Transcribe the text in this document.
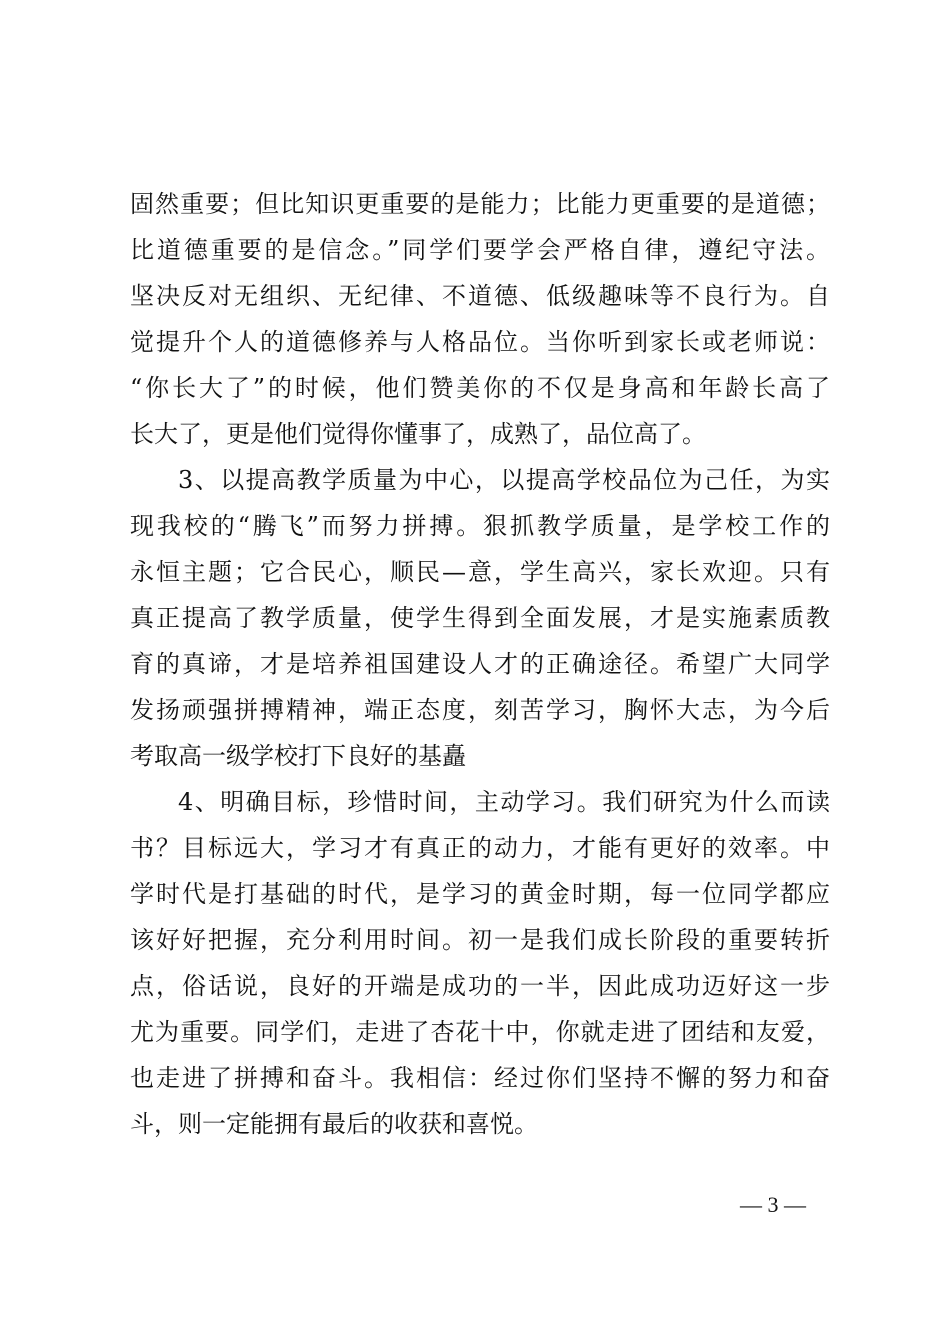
固然重要；但比知识更重要的是能力；比能力更重要的是道德；
比道德重要的是信念。”同学们要学会严格自律，遵纪守法。
坚决反对无组织、无纪律、不道德、低级趣味等不良行为。自
觉提升个人的道德修养与人格品位。当你听到家长或老师说：
“你长大了”的时候，他们赞美你的不仅是身高和年龄长高了
长大了，更是他们觉得你懂事了，成熟了，品位高了。
3、以提高教学质量为中心，以提高学校品位为己任，为实
现我校的“腾飞”而努力拼搏。狠抓教学质量，是学校工作的
永恒主题；它合民心，顺民—意，学生高兴，家长欢迎。只有
真正提高了教学质量，使学生得到全面发展，才是实施素质教
育的真谛，才是培养祖国建设人才的正确途径。希望广大同学
发扬顽强拼搏精神，端正态度，刻苦学习，胸怀大志，为今后
考取高一级学校打下良好的基矗
4、明确目标，珍惜时间，主动学习。我们研究为什么而读
书？目标远大，学习才有真正的动力，才能有更好的效率。中
学时代是打基础的时代，是学习的黄金时期，每一位同学都应
该好好把握，充分利用时间。初一是我们成长阶段的重要转折
点，俗话说，良好的开端是成功的一半，因此成功迈好这一步
尤为重要。同学们，走进了杏花十中，你就走进了团结和友爱，
也走进了拼搏和奋斗。我相信：经过你们坚持不懈的努力和奋
斗，则一定能拥有最后的收获和喜悦。
— 3 —
